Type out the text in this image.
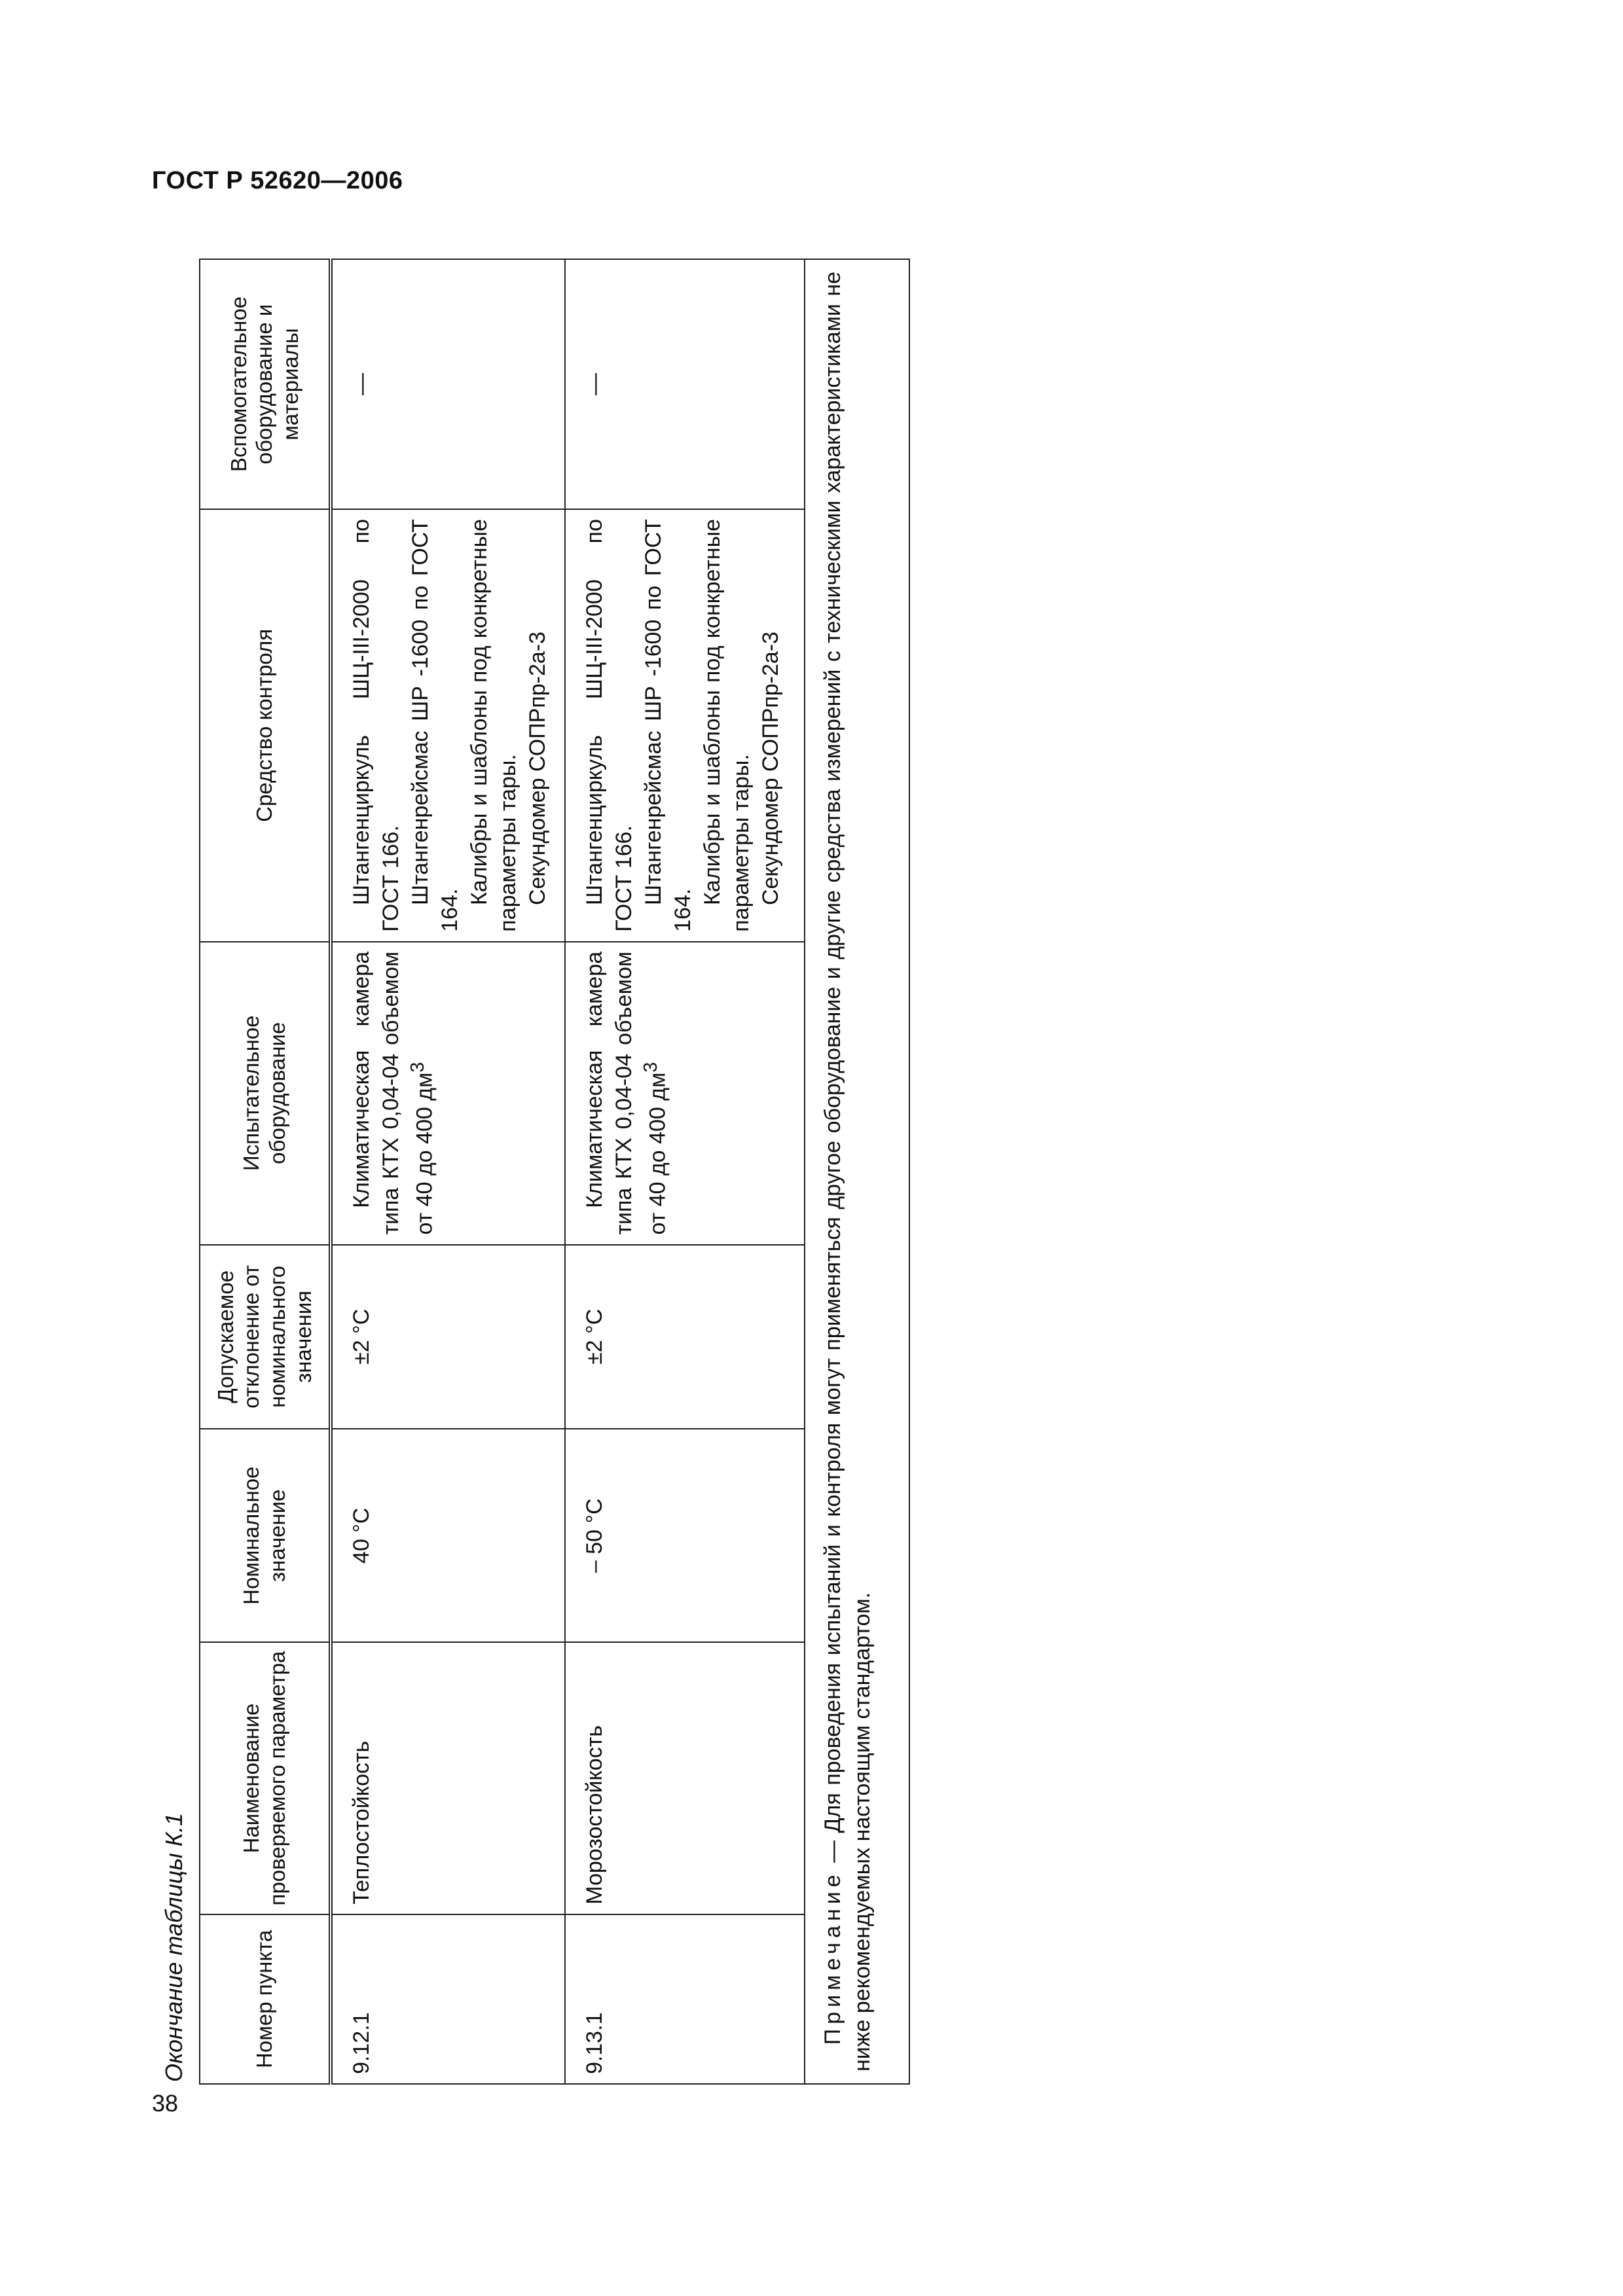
ГОСТ Р 52620—2006
Окончание таблицы К.1	Номер пункта	Наименование проверяемого параметра	Номинальное значение	Допускаемое отклонение от номинального значения	Испытательное оборудование	Средство контроля	Вспомогательное оборудование и материалы
9.12.1	Теплостойкость	40 °С	±2 °С	Климатическая камера типа КТХ 0,04-04 объемом от 40 до 400 $дм^3$	Штангенциркуль ШЦ-III-2000 по ГОСТ 166. Штангенрейсмас ШР -1600 по ГОСТ 164.
Калибры и шаблоны под конкретные параметры тары. Секундомер СОПРпр-2а-3	—
9.13.1	Морозостойкость	– 50 °С	±2 °С	Климатическая камера типа КТХ 0,04-04 объемом от 40 до 400 $дм^3$	Штангенциркуль ШЦ-III-2000 по ГОСТ 166. Штангенрейсмас ШР -1600 по ГОСТ 164.
Калибры и шаблоны под конкретные параметры тары. Секундомер СОПРпр-2а-3	—
Примечание — Для проведения испытаний и контроля могут применяться другое оборудование и другие средства измерений с техническими характеристиками не ниже рекомендуемых настоящим стандартом.						
38
